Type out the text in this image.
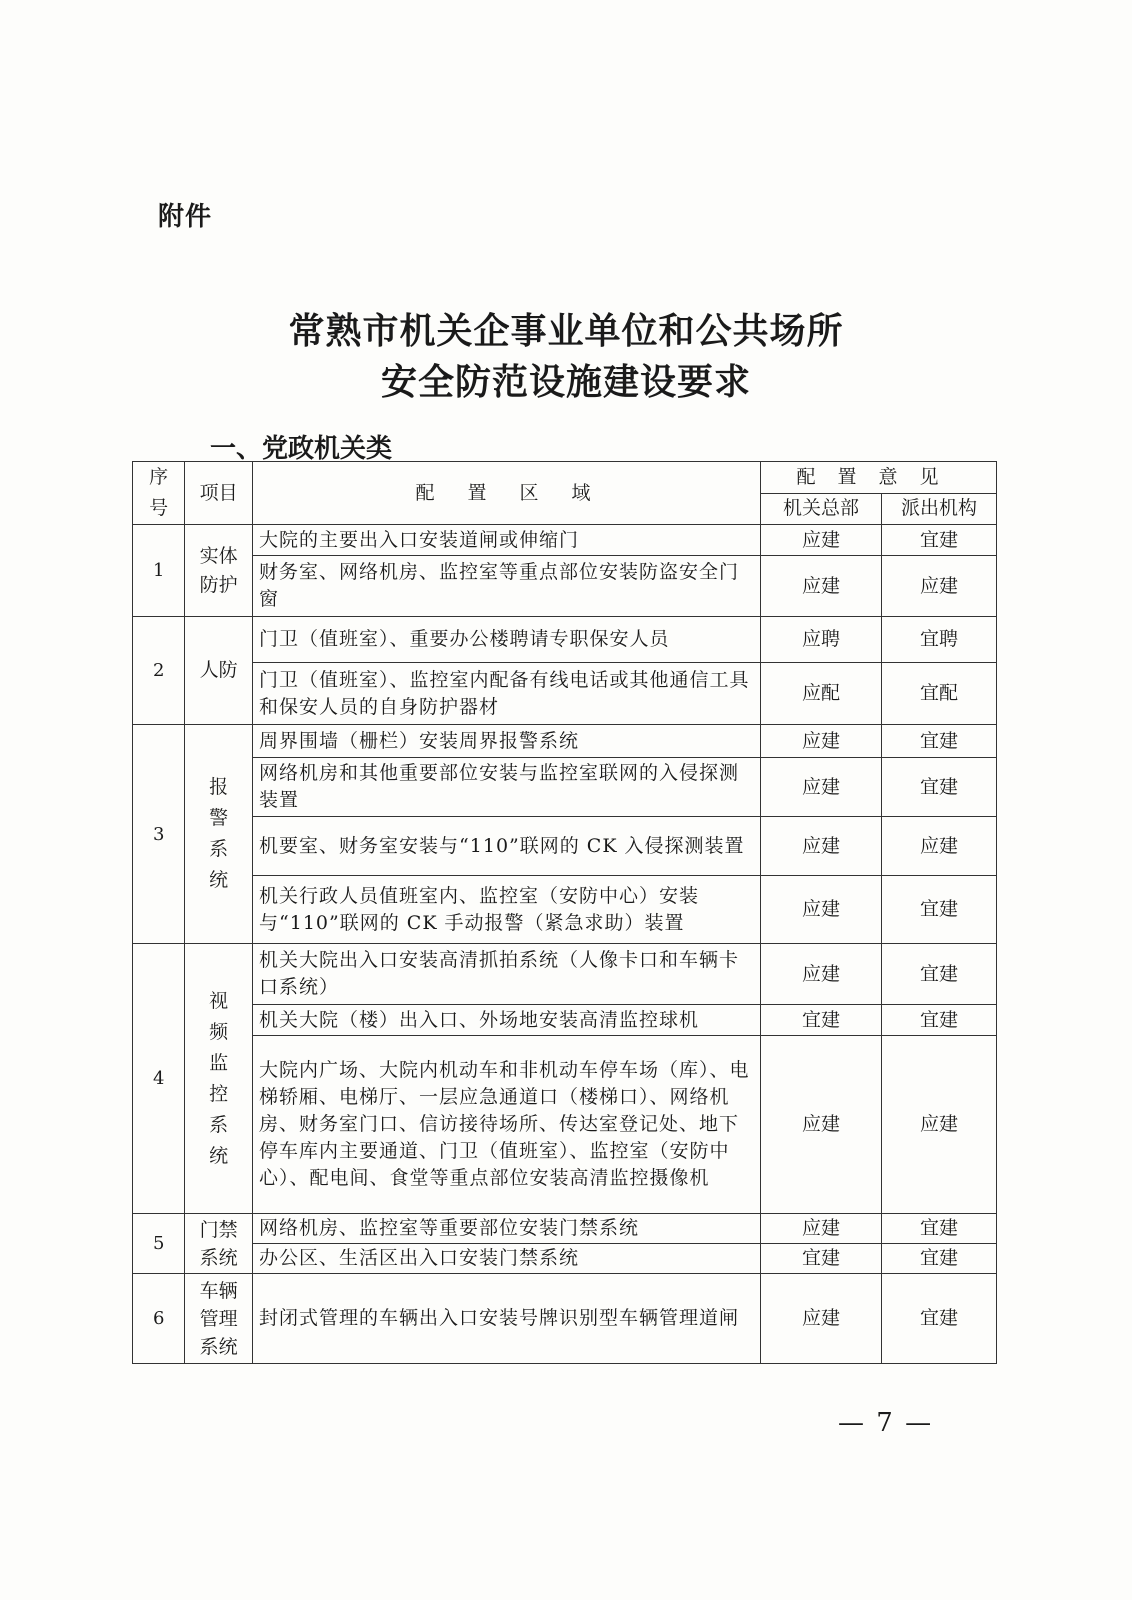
附件
常熟市机关企事业单位和公共场所
安全防范设施建设要求
一、党政机关类
序号	项目	配　置　区　域	配置意见	
			机关总部	派出机构
1	实体防护	大院的主要出入口安装道闸或伸缩门	应建	宜建
		财务室、网络机房、监控室等重点部位安装防盗安全门窗	应建	应建
2	人防	门卫（值班室）、重要办公楼聘请专职保安人员	应聘	宜聘
		门卫（值班室）、监控室内配备有线电话或其他通信工具和保安人员的自身防护器材	应配	宜配
3	报警系统	周界围墙（栅栏）安装周界报警系统	应建	宜建
		网络机房和其他重要部位安装与监控室联网的入侵探测装置	应建	宜建
		机要室、财务室安装与“110”联网的 CK 入侵探测装置	应建	应建
		机关行政人员值班室内、监控室（安防中心）安装与“110”联网的 CK 手动报警（紧急求助）装置	应建	宜建
4	视频监控系统	机关大院出入口安装高清抓拍系统（人像卡口和车辆卡口系统）	应建	宜建
		机关大院（楼）出入口、外场地安装高清监控球机	宜建	宜建
		大院内广场、大院内机动车和非机动车停车场（库）、电梯轿厢、电梯厅、一层应急通道口（楼梯口）、网络机房、财务室门口、信访接待场所、传达室登记处、地下停车库内主要通道、门卫（值班室）、监控室（安防中心）、配电间、食堂等重点部位安装高清监控摄像机	应建	应建
5	门禁系统	网络机房、监控室等重要部位安装门禁系统	应建	宜建
		办公区、生活区出入口安装门禁系统	宜建	宜建
6	车辆管理系统	封闭式管理的车辆出入口安装号牌识别型车辆管理道闸	应建	宜建
— 7 —
